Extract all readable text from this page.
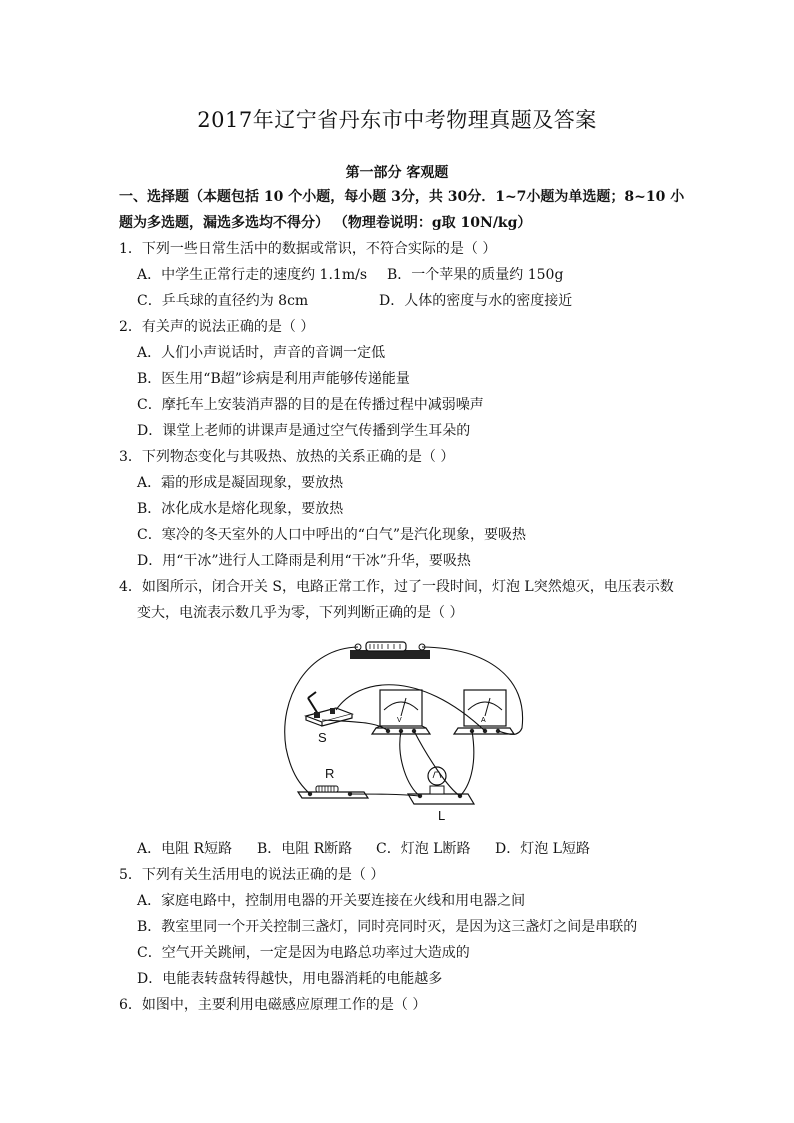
2017年辽宁省丹东市中考物理真题及答案
第一部分 客观题
一、选择题（本题包括 10 个小题，每小题 3分，共 30分．1~7小题为单选题；8~10 小
题为多选题，漏选多选均不得分） （物理卷说明：g取 10N/kg）
1．下列一些日常生活中的数据或常识，不符合实际的是（ ）
A．中学生正常行走的速度约 1.1m/s B．一个苹果的质量约 150g
C．乒乓球的直径约为 8cm	D．人体的密度与水的密度接近
2．有关声的说法正确的是（ ）
A．人们小声说话时，声音的音调一定低
B．医生用“B超”诊病是利用声能够传递能量
C．摩托车上安装消声器的目的是在传播过程中减弱噪声
D．课堂上老师的讲课声是通过空气传播到学生耳朵的
3．下列物态变化与其吸热、放热的关系正确的是（ ）
A．霜的形成是凝固现象，要放热
B．冰化成水是熔化现象，要放热
C．寒冷的冬天室外的人口中呼出的“白气”是汽化现象，要吸热
D．用“干冰”进行人工降雨是利用“干冰”升华，要吸热
4．如图所示，闭合开关 S，电路正常工作，过了一段时间，灯泡 L突然熄灭，电压表示数
变大，电流表示数几乎为零，下列判断正确的是（ ）
S
V	A
R
L
A．电阻 R短路 B．电阻 R断路 C．灯泡 L断路 D．灯泡 L短路
5．下列有关生活用电的说法正确的是（ ）
A．家庭电路中，控制用电器的开关要连接在火线和用电器之间
B．教室里同一个开关控制三盏灯，同时亮同时灭，是因为这三盏灯之间是串联的
C．空气开关跳闸，一定是因为电路总功率过大造成的
D．电能表转盘转得越快，用电器消耗的电能越多
6．如图中，主要利用电磁感应原理工作的是（ ）
